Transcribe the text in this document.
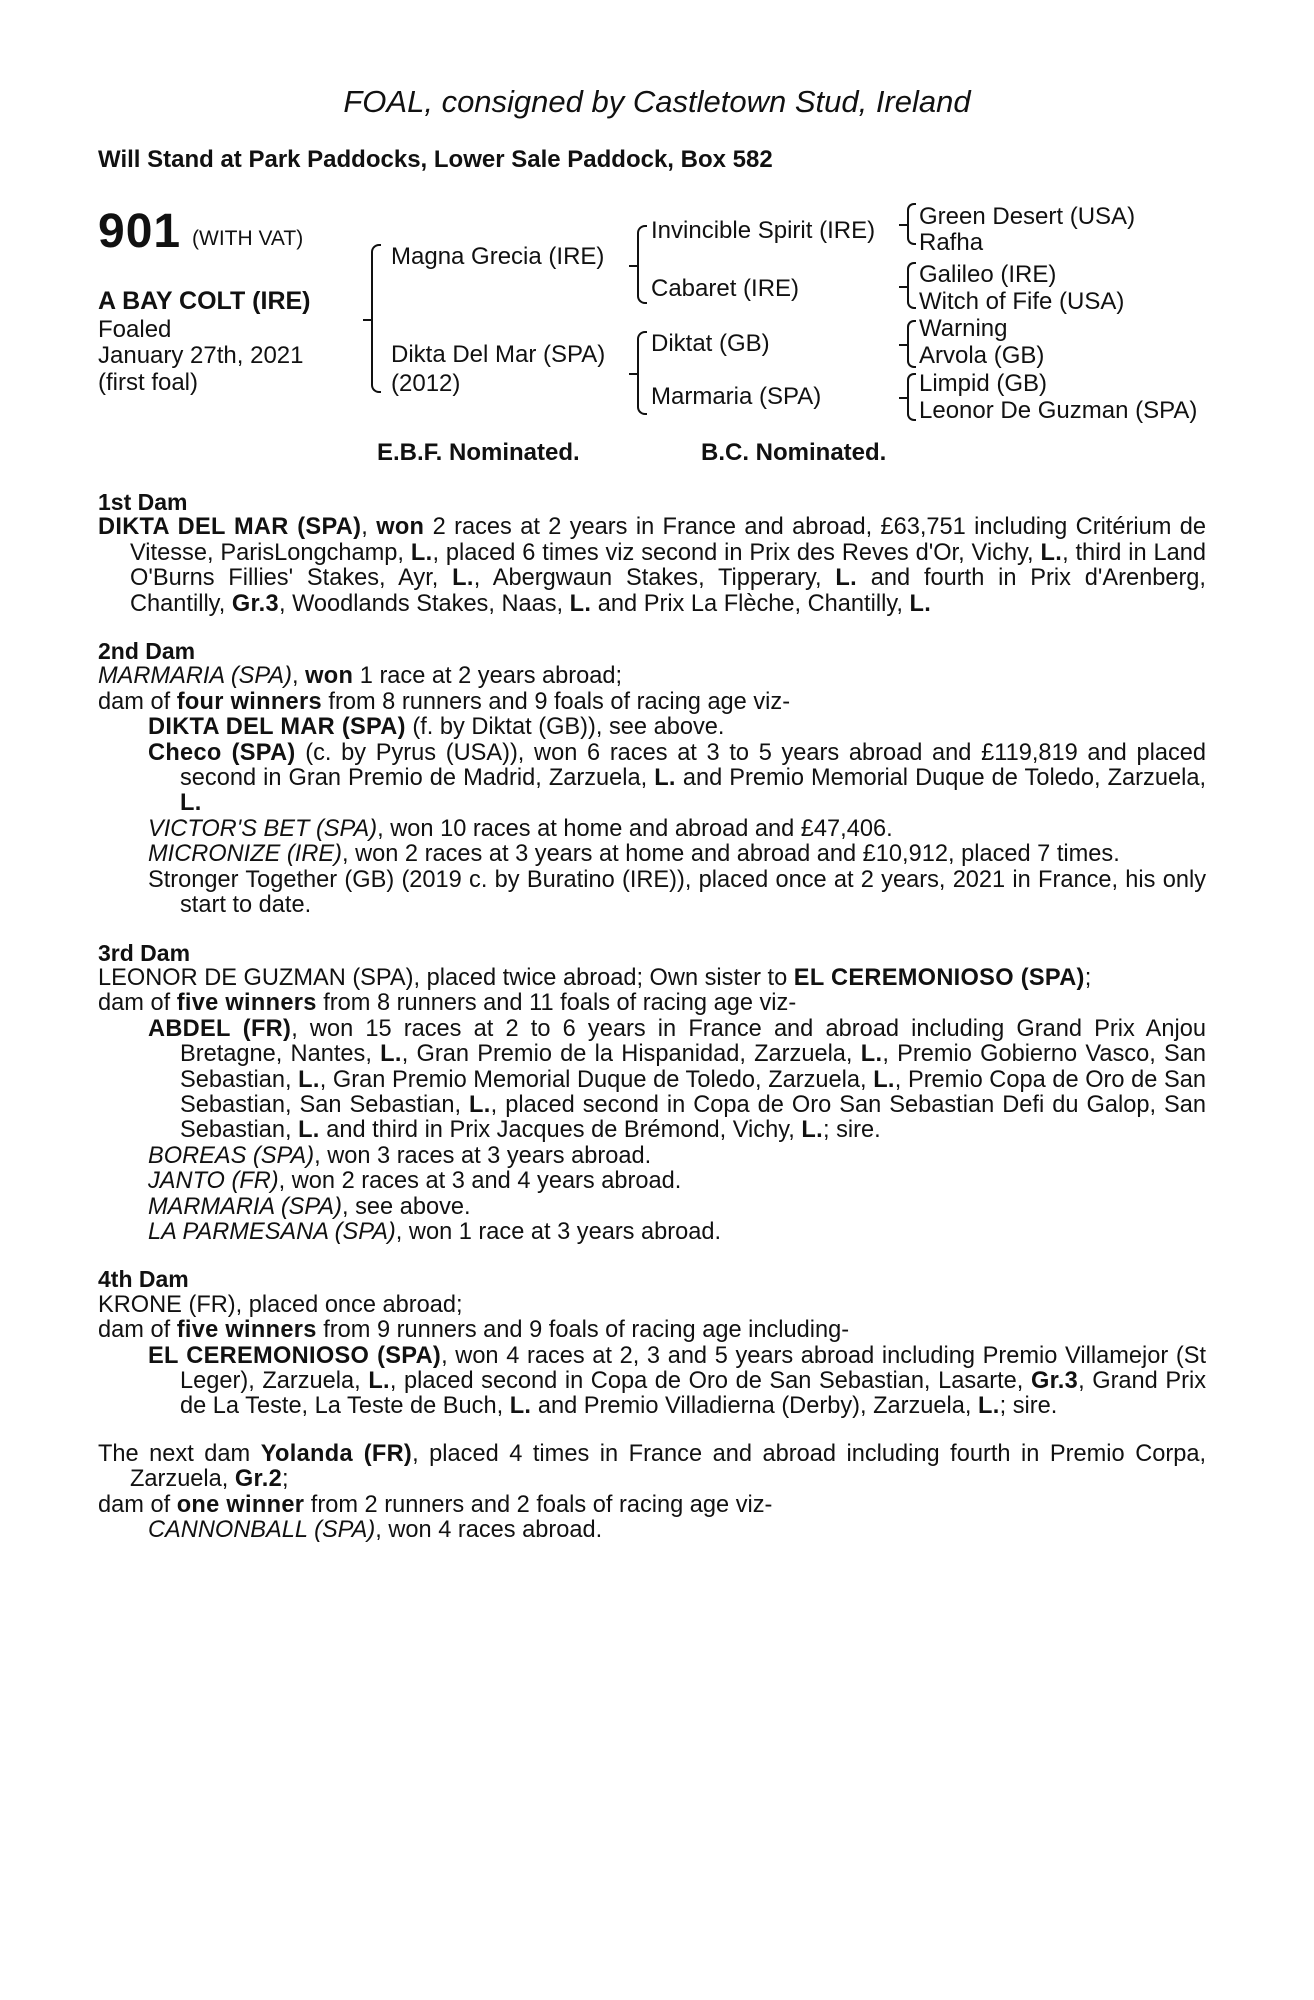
FOAL, consigned by Castletown Stud, Ireland
Will Stand at Park Paddocks, Lower Sale Paddock, Box 582
901 (WITH VAT)
A BAY COLT (IRE)
Foaled
January 27th, 2021
(first foal)
Magna Grecia (IRE)
Dikta Del Mar (SPA)
(2012)
Invincible Spirit (IRE)
Cabaret (IRE)
Diktat (GB)
Marmaria (SPA)
Green Desert (USA)
Rafha
Galileo (IRE)
Witch of Fife (USA)
Warning
Arvola (GB)
Limpid (GB)
Leonor De Guzman (SPA)
E.B.F. Nominated.	B.C. Nominated.

1st Dam

DIKTA DEL MAR (SPA), won 2 races at 2 years in France and abroad, £63,751 including Critérium de Vitesse, ParisLongchamp, L., placed 6 times viz second in Prix des Reves d'Or, Vichy, L., third in Land O'Burns Fillies' Stakes, Ayr, L., Abergwaun Stakes, Tipperary, L. and fourth in Prix d'Arenberg, Chantilly, Gr.3, Woodlands Stakes, Naas, L. and Prix La Flèche, Chantilly, L.

2nd Dam

MARMARIA (SPA), won 1 race at 2 years abroad;

dam of four winners from 8 runners and 9 foals of racing age viz-

DIKTA DEL MAR (SPA) (f. by Diktat (GB)), see above.

Checo (SPA) (c. by Pyrus (USA)), won 6 races at 3 to 5 years abroad and £119,819 and placed second in Gran Premio de Madrid, Zarzuela, L. and Premio Memorial Duque de Toledo, Zarzuela, L.

VICTOR'S BET (SPA), won 10 races at home and abroad and £47,406.

MICRONIZE (IRE), won 2 races at 3 years at home and abroad and £10,912, placed 7 times.

Stronger Together (GB) (2019 c. by Buratino (IRE)), placed once at 2 years, 2021 in France, his only start to date.

3rd Dam

LEONOR DE GUZMAN (SPA), placed twice abroad; Own sister to EL CEREMONIOSO (SPA);

dam of five winners from 8 runners and 11 foals of racing age viz-

ABDEL (FR), won 15 races at 2 to 6 years in France and abroad including Grand Prix Anjou Bretagne, Nantes, L., Gran Premio de la Hispanidad, Zarzuela, L., Premio Gobierno Vasco, San Sebastian, L., Gran Premio Memorial Duque de Toledo, Zarzuela, L., Premio Copa de Oro de San Sebastian, San Sebastian, L., placed second in Copa de Oro San Sebastian Defi du Galop, San Sebastian, L. and third in Prix Jacques de Brémond, Vichy, L.; sire.

BOREAS (SPA), won 3 races at 3 years abroad.

JANTO (FR), won 2 races at 3 and 4 years abroad.

MARMARIA (SPA), see above.

LA PARMESANA (SPA), won 1 race at 3 years abroad.

4th Dam

KRONE (FR), placed once abroad;

dam of five winners from 9 runners and 9 foals of racing age including-

EL CEREMONIOSO (SPA), won 4 races at 2, 3 and 5 years abroad including Premio Villamejor (St Leger), Zarzuela, L., placed second in Copa de Oro de San Sebastian, Lasarte, Gr.3, Grand Prix de La Teste, La Teste de Buch, L. and Premio Villadierna (Derby), Zarzuela, L.; sire.

The next dam Yolanda (FR), placed 4 times in France and abroad including fourth in Premio Corpa, Zarzuela, Gr.2;

dam of one winner from 2 runners and 2 foals of racing age viz-

CANNONBALL (SPA), won 4 races abroad.
